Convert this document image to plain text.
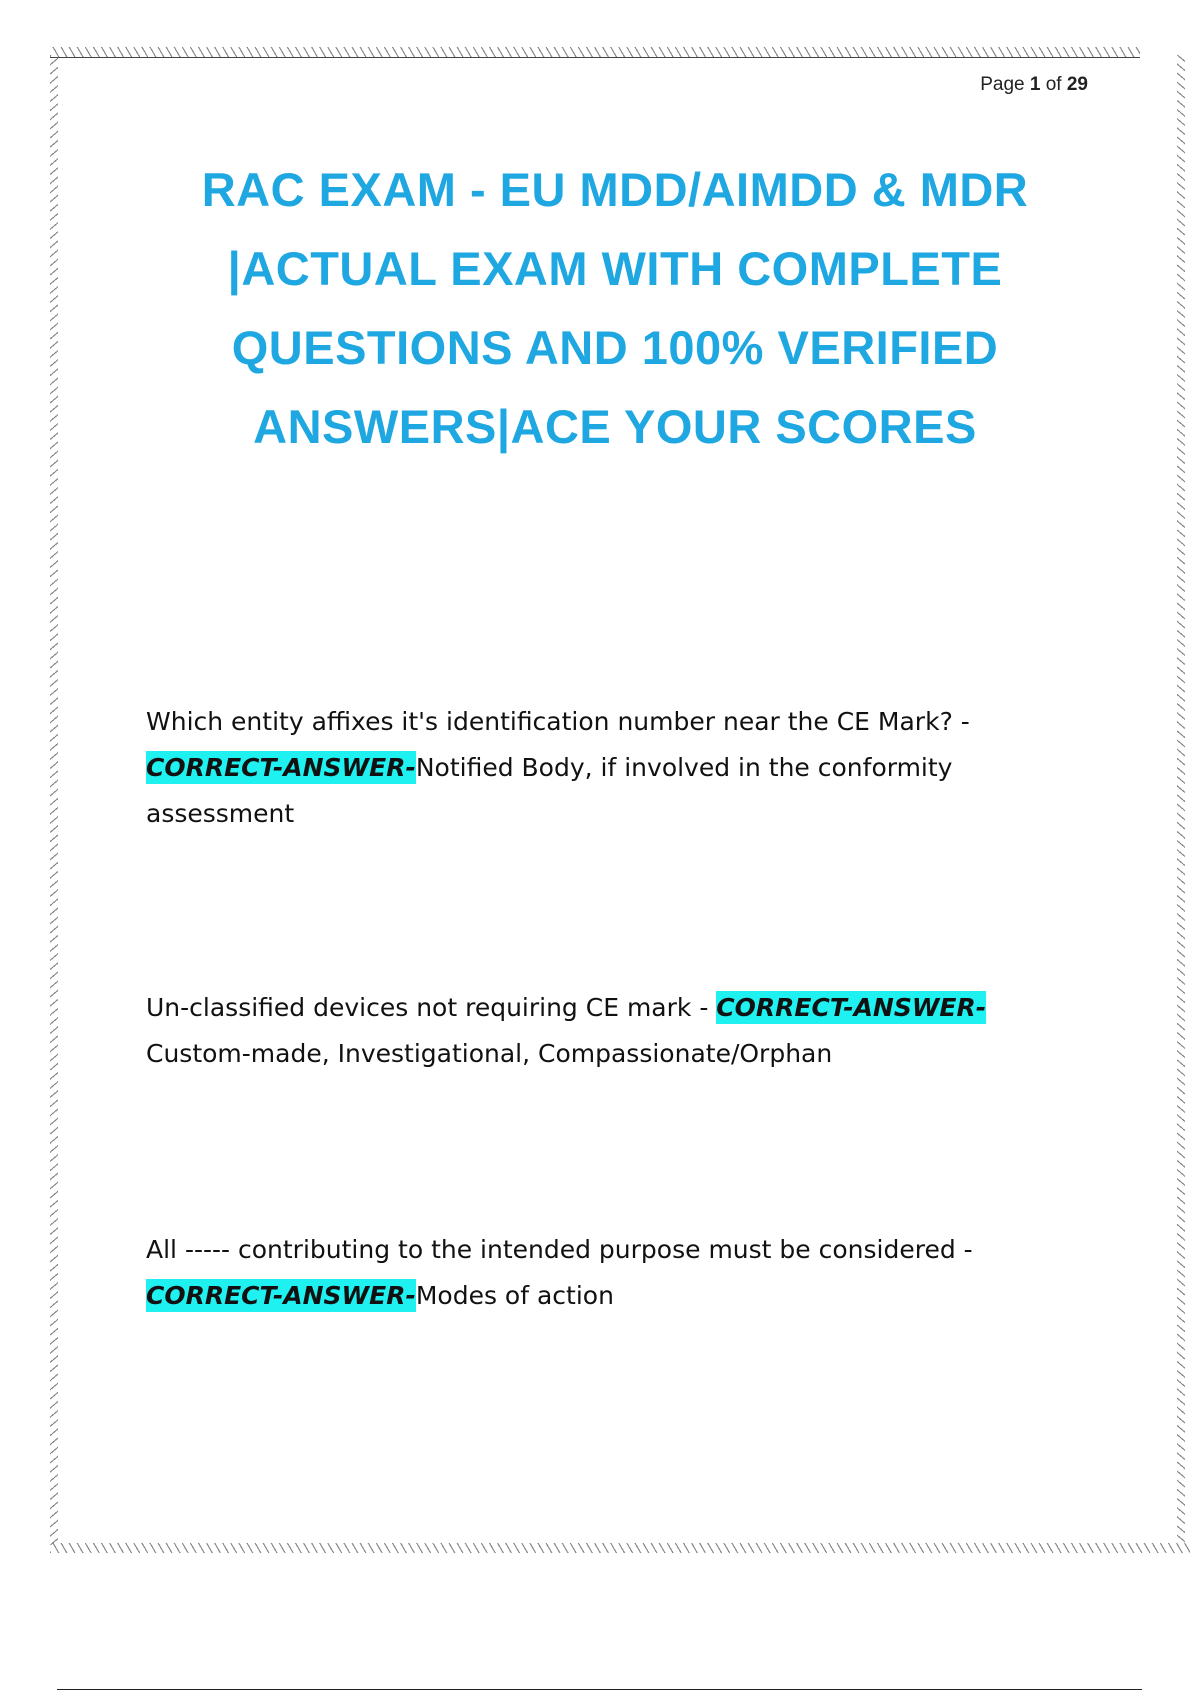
Page 1 of 29
RAC EXAM - EU MDD/AIMDD & MDR
|ACTUAL EXAM WITH COMPLETE
QUESTIONS AND 100% VERIFIED
ANSWERS|ACE YOUR SCORES

Which entity affixes it's identification number near the CE Mark? - CORRECT-ANSWER-Notified Body, if involved in the conformity assessment

Un-classified devices not requiring CE mark - CORRECT-ANSWER- Custom-made, Investigational, Compassionate/Orphan

All ----- contributing to the intended purpose must be considered - CORRECT-ANSWER-Modes of action
